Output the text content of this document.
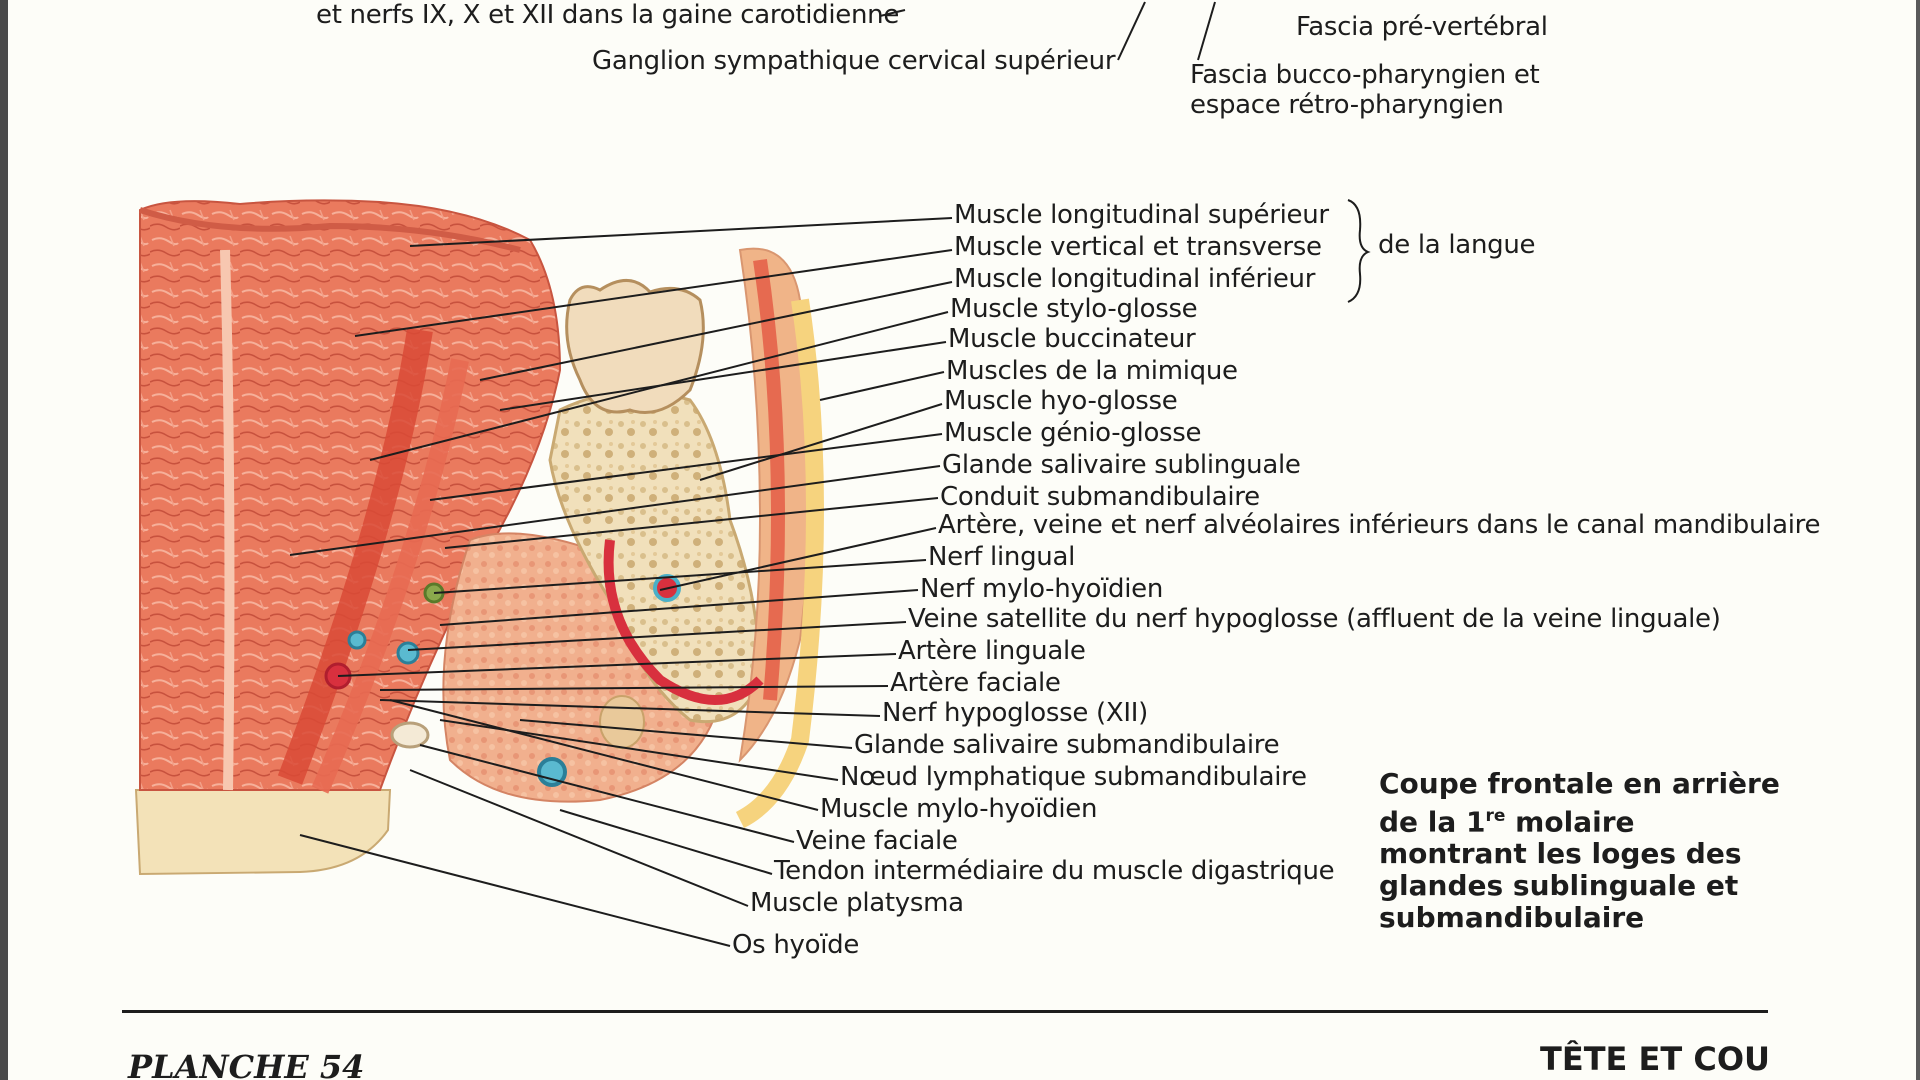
et nerfs IX, X et XII dans la gaine carotidienne
Ganglion sympathique cervical supérieur
Fascia pré-vertébral
Fascia bucco-pharyngien et
espace rétro-pharyngien
Muscle longitudinal supérieur
Muscle vertical et transverse
Muscle longitudinal inférieur
de la langue
Muscle stylo-glosse
Muscle buccinateur
Muscles de la mimique
Muscle hyo-glosse
Muscle génio-glosse
Glande salivaire sublinguale
Conduit submandibulaire
Artère, veine et nerf alvéolaires inférieurs dans le canal mandibulaire
Nerf lingual
Nerf mylo-hyoïdien
Veine satellite du nerf hypoglosse (affluent de la veine linguale)
Artère linguale
Artère faciale
Nerf hypoglosse (XII)
Glande salivaire submandibulaire
Nœud lymphatique submandibulaire
Muscle mylo-hyoïdien
Veine faciale
Tendon intermédiaire du muscle digastrique
Muscle platysma
Os hyoïde
Coupe frontale en arrière
de la 1re molaire
montrant les loges des
glandes sublinguale et
submandibulaire
PLANCHE 54	TÊTE ET COU
